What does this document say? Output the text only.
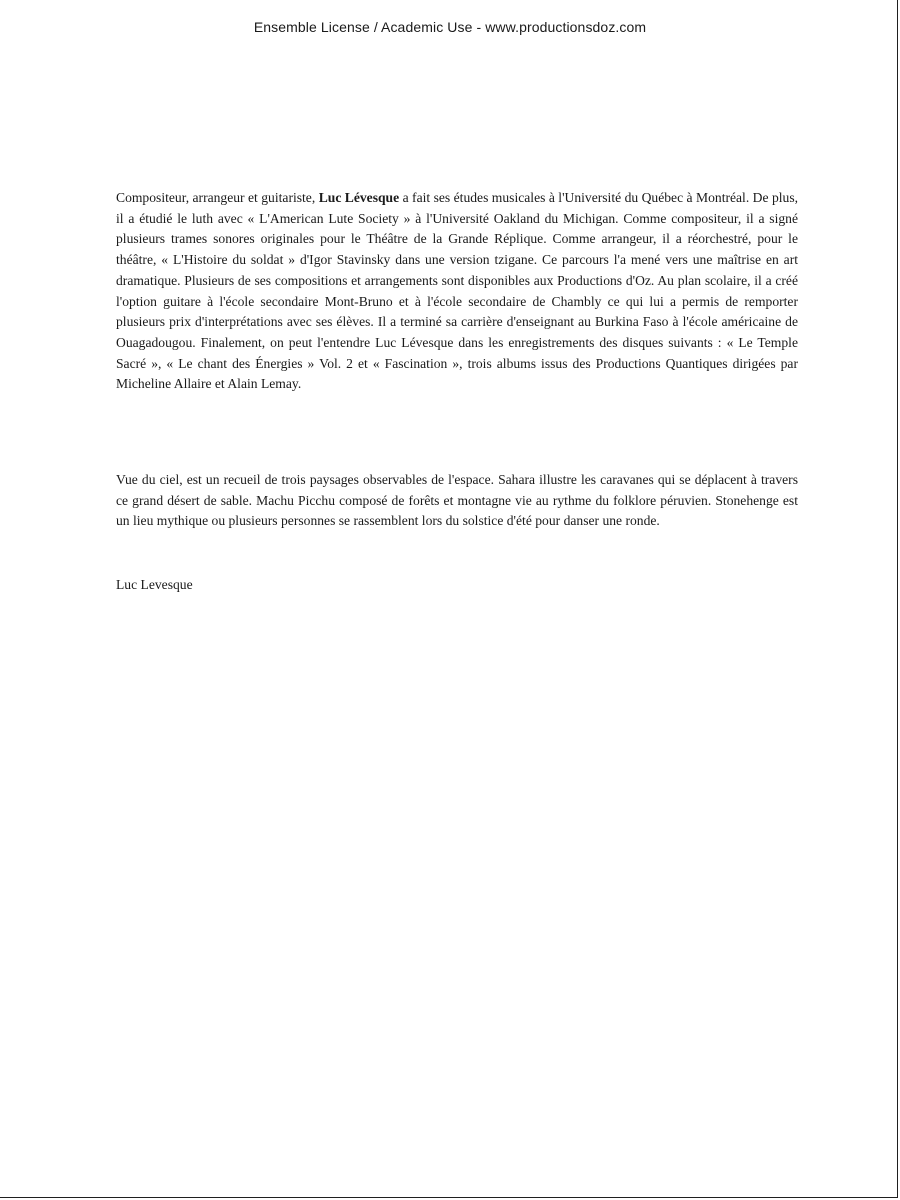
Ensemble License / Academic Use - www.productionsdoz.com

Compositeur, arrangeur et guitariste, Luc Lévesque a fait ses études musicales à l'Université du Québec à Montréal. De plus, il a étudié le luth avec « L'American Lute Society » à l'Université Oakland du Michigan. Comme compositeur, il a signé plusieurs trames sonores originales pour le Théâtre de la Grande Réplique. Comme arrangeur, il a réorchestré, pour le théâtre, « L'Histoire du soldat » d'Igor Stavinsky dans une version tzigane. Ce parcours l'a mené vers une maîtrise en art dramatique. Plusieurs de ses compositions et arrangements sont disponibles aux Productions d'Oz. Au plan scolaire, il a créé l'option guitare à l'école secondaire Mont-Bruno et à l'école secondaire de Chambly ce qui lui a permis de remporter plusieurs prix d'interprétations avec ses élèves. Il a terminé sa carrière d'enseignant au Burkina Faso à l'école américaine de Ouagadougou. Finalement, on peut l'entendre Luc Lévesque dans les enregistrements des disques suivants : « Le Temple Sacré », « Le chant des Énergies » Vol. 2 et « Fascination », trois albums issus des Productions Quantiques dirigées par Micheline Allaire et Alain Lemay.

Vue du ciel, est un recueil de trois paysages observables de l'espace. Sahara illustre les caravanes qui se déplacent à travers ce grand désert de sable. Machu Picchu composé de forêts et montagne vie au rythme du folklore péruvien. Stonehenge est un lieu mythique ou plusieurs personnes se rassemblent lors du solstice d'été pour danser une ronde.

Luc Levesque
